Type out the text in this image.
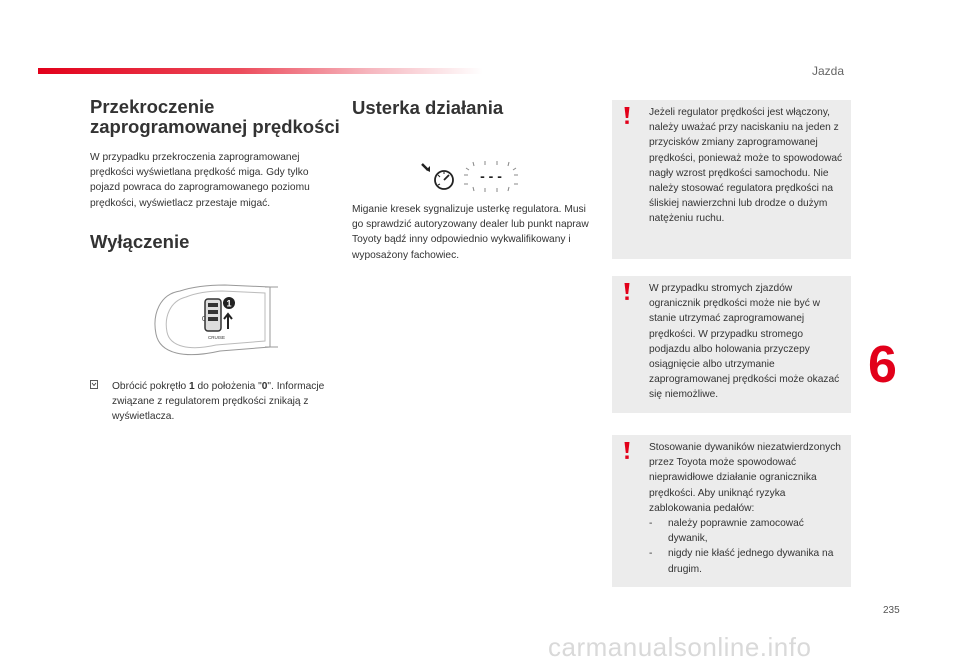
Jazda
Przekroczenie zaprogramowanej prędkości

W przypadku przekroczenia zaprogramowanej prędkości wyświetlana prędkość miga. Gdy tylko pojazd powraca do zaprogramowanego poziomu prędkości, wyświetlacz przestaje migać.

Wyłączenie
1
0
CRUISE
Obrócić pokrętło 1 do położenia "0". Informacje związane z regulatorem prędkości znikają z wyświetlacza.
Usterka działania
- - -

Miganie kresek sygnalizuje usterkę regulatora. Musi go sprawdzić autoryzowany dealer lub punkt napraw Toyoty bądź inny odpowiednio wykwalifikowany i wyposażony fachowiec.

Jeżeli regulator prędkości jest włączony, należy uważać przy naciskaniu na jeden z przycisków zmiany zaprogramowanej prędkości, ponieważ może to spowodować nagły wzrost prędkości samochodu. Nie należy stosować regulatora prędkości na śliskiej nawierzchni lub drodze o dużym natężeniu ruchu.
W przypadku stromych zjazdów ogranicznik prędkości może nie być w stanie utrzymać zaprogramowanej prędkości. W przypadku stromego podjazdu albo holowania przyczepy osiągnięcie albo utrzymanie zaprogramowanej prędkości może okazać się niemożliwe.
Stosowanie dywaników niezatwierdzonych przez Toyota może spowodować nieprawidłowe działanie ogranicznika prędkości. Aby uniknąć ryzyka zablokowania pedałów:
- należy poprawnie zamocować dywanik,
- nigdy nie kłaść jednego dywanika na drugim.
6
235
carmanualsonline.info
